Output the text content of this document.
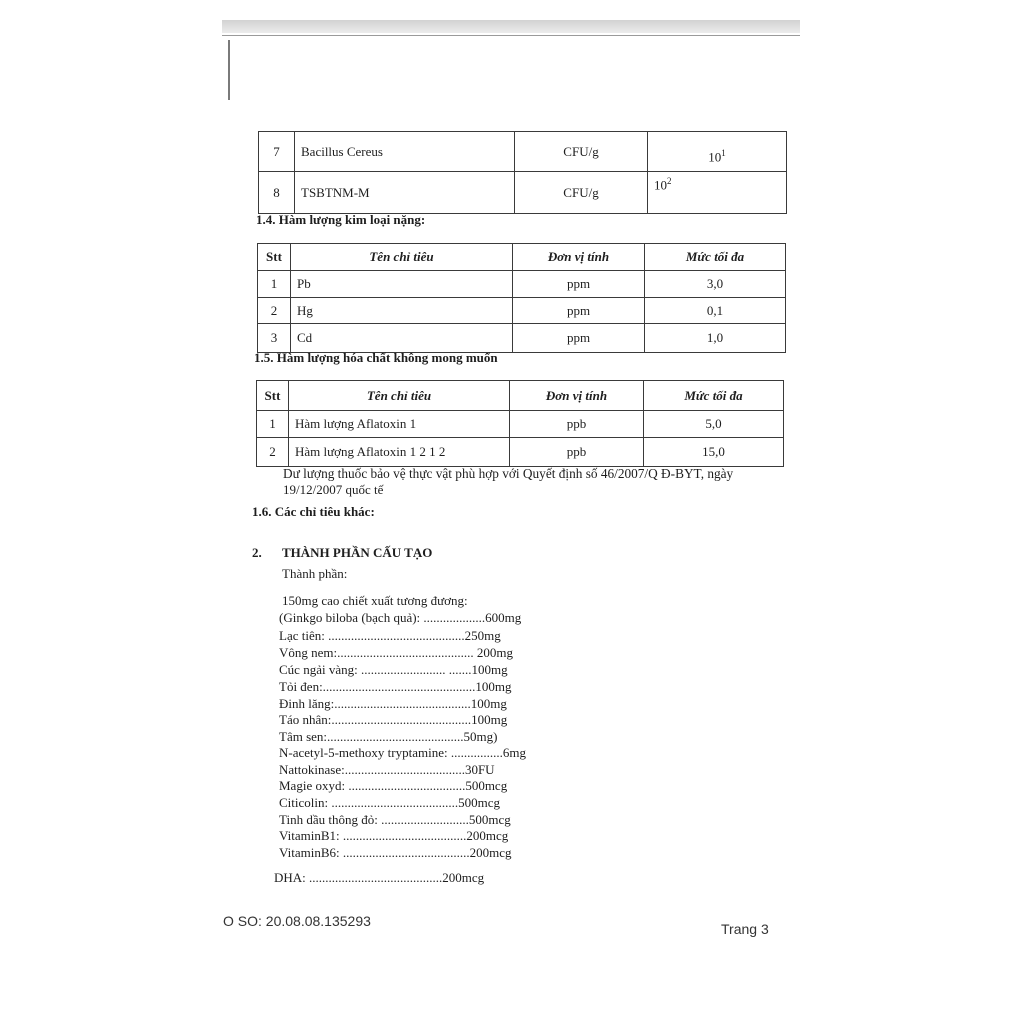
7	Bacillus Cereus	CFU/g	$10^1$
8	TSBTNM-M	CFU/g	$10^2$
1.4. Hàm lượng kim loại nặng:
Stt	Tên chỉ tiêu	Đơn vị tính	Mức tối đa
1	Pb	ppm	3,0
2	Hg	ppm	0,1
3	Cd	ppm	1,0
1.5. Hàm lượng hóa chất không mong muốn
Stt	Tên chỉ tiêu	Đơn vị tính	Mức tối đa
1	Hàm lượng Aflatoxin 1	ppb	5,0
2	Hàm lượng Aflatoxin 1 2 1 2	ppb	15,0
Dư lượng thuốc bảo vệ thực vật phù hợp với Quyết định số 46/2007/Q Đ-BYT, ngày
19/12/2007 quốc tế
1.6. Các chỉ tiêu khác:
2. THÀNH PHẦN CẤU TẠO
Thành phần:
150mg cao chiết xuất tương đương:
(Ginkgo biloba (bạch quả): ...................600mg
Lạc tiên: ..........................................250mg
Vông nem:.......................................... 200mg
Cúc ngải vàng: .......................... .......100mg
Tỏi đen:...............................................100mg
Đinh lăng:..........................................100mg
Táo nhân:...........................................100mg
Tâm sen:..........................................50mg)
N-acetyl-5-methoxy tryptamine: ................6mg
Nattokinase:.....................................30FU
Magie oxyd: ....................................500mcg
Citicolin: .......................................500mcg
Tinh dầu thông đỏ: ...........................500mcg
VitaminB1: ......................................200mcg
VitaminB6: .......................................200mcg
DHA: .........................................200mcg
O SO: 20.08.08.135293	Trang 3
